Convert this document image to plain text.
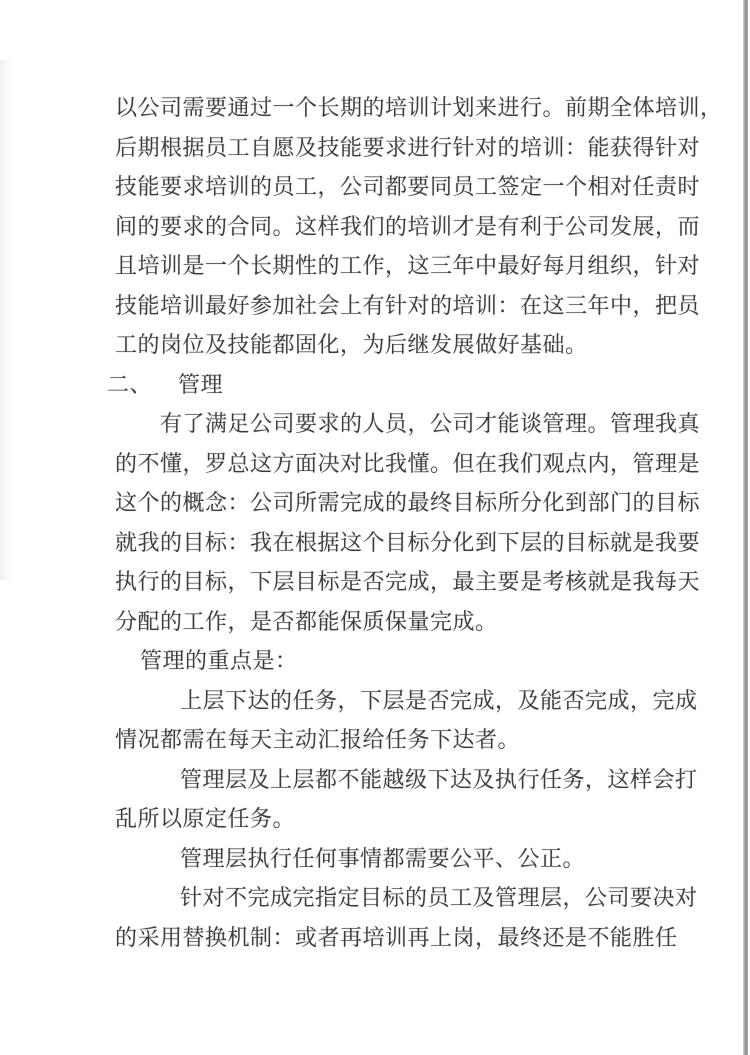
以公司需要通过一个长期的培训计划来进行。前期全体培训，
后期根据员工自愿及技能要求进行针对的培训：能获得针对
技能要求培训的员工，公司都要同员工签定一个相对任责时
间的要求的合同。这样我们的培训才是有利于公司发展，而
且培训是一个长期性的工作，这三年中最好每月组织，针对
技能培训最好参加社会上有针对的培训：在这三年中，把员
工的岗位及技能都固化，为后继发展做好基础。
二、 管理
有了满足公司要求的人员，公司才能谈管理。管理我真
的不懂，罗总这方面决对比我懂。但在我们观点内，管理是
这个的概念：公司所需完成的最终目标所分化到部门的目标
就我的目标：我在根据这个目标分化到下层的目标就是我要
执行的目标，下层目标是否完成，最主要是考核就是我每天
分配的工作，是否都能保质保量完成。
管理的重点是：
上层下达的任务，下层是否完成，及能否完成，完成
情况都需在每天主动汇报给任务下达者。
管理层及上层都不能越级下达及执行任务，这样会打
乱所以原定任务。
管理层执行任何事情都需要公平、公正。
针对不完成完指定目标的员工及管理层，公司要决对
的采用替换机制：或者再培训再上岗，最终还是不能胜任
